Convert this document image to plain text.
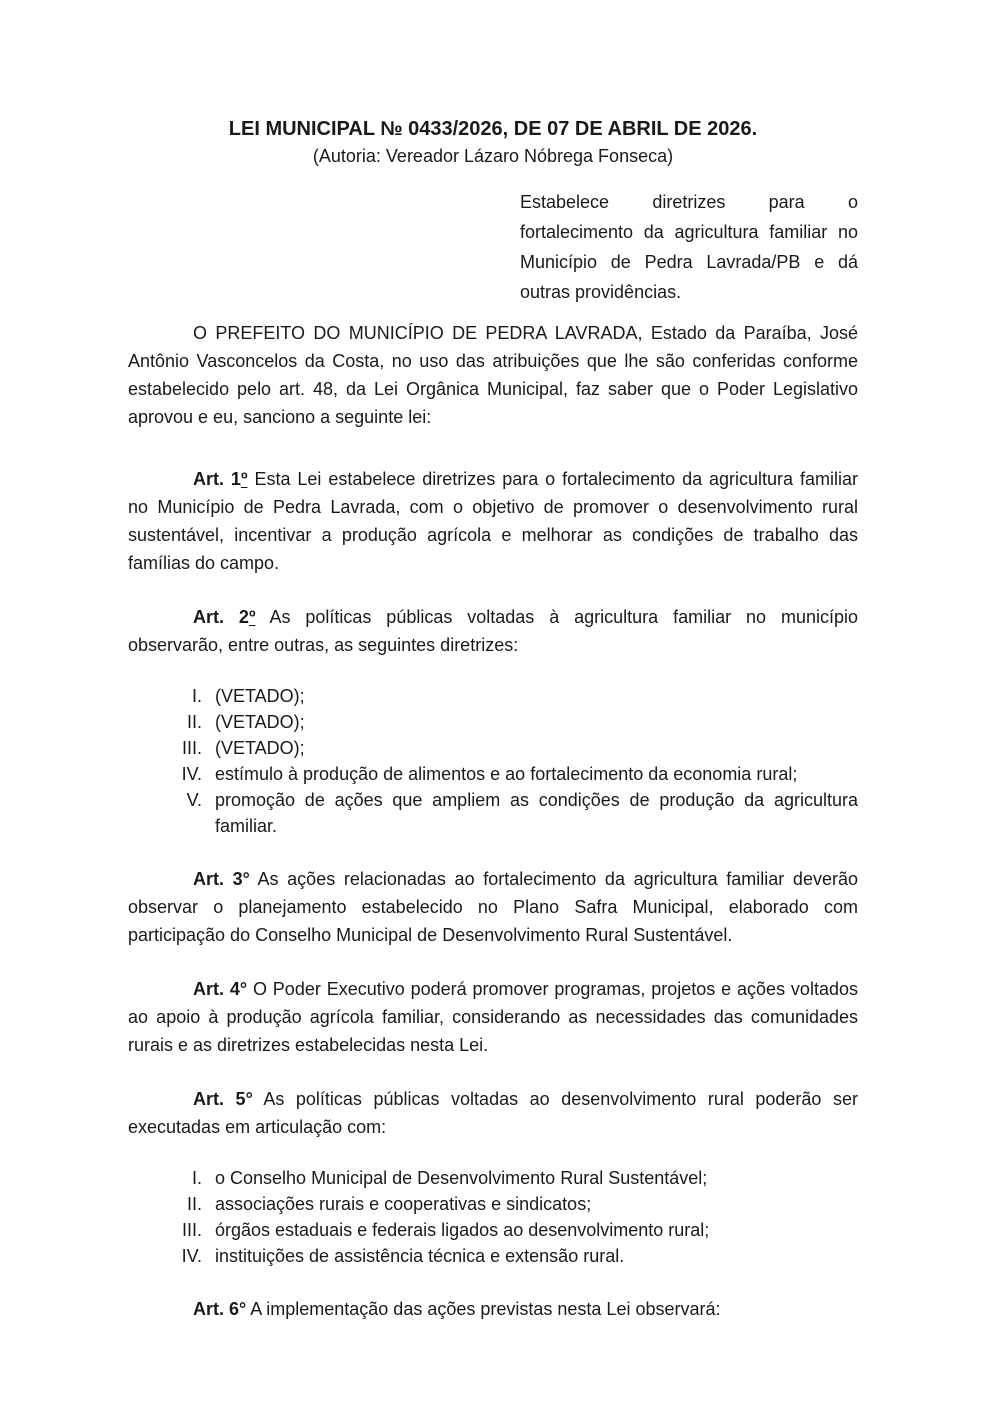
LEI MUNICIPAL № 0433/2026, DE 07 DE ABRIL DE 2026.
(Autoria: Vereador Lázaro Nóbrega Fonseca)

Estabelece diretrizes para o fortalecimento da agricultura familiar no Município de Pedra Lavrada/PB e dá outras providências.

O PREFEITO DO MUNICÍPIO DE PEDRA LAVRADA, Estado da Paraíba, José Antônio Vasconcelos da Costa, no uso das atribuições que lhe são conferidas conforme estabelecido pelo art. 48, da Lei Orgânica Municipal, faz saber que o Poder Legislativo aprovou e eu, sanciono a seguinte lei:

Art. 1º Esta Lei estabelece diretrizes para o fortalecimento da agricultura familiar no Município de Pedra Lavrada, com o objetivo de promover o desenvolvimento rural sustentável, incentivar a produção agrícola e melhorar as condições de trabalho das famílias do campo.

Art. 2º As políticas públicas voltadas à agricultura familiar no município observarão, entre outras, as seguintes diretrizes:

I. (VETADO);
II. (VETADO);
III. (VETADO);
IV. estímulo à produção de alimentos e ao fortalecimento da economia rural;
V. promoção de ações que ampliem as condições de produção da agricultura familiar.

Art. 3° As ações relacionadas ao fortalecimento da agricultura familiar deverão observar o planejamento estabelecido no Plano Safra Municipal, elaborado com participação do Conselho Municipal de Desenvolvimento Rural Sustentável.

Art. 4° O Poder Executivo poderá promover programas, projetos e ações voltados ao apoio à produção agrícola familiar, considerando as necessidades das comunidades rurais e as diretrizes estabelecidas nesta Lei.

Art. 5° As políticas públicas voltadas ao desenvolvimento rural poderão ser executadas em articulação com:

I. o Conselho Municipal de Desenvolvimento Rural Sustentável;
II. associações rurais e cooperativas e sindicatos;
III. órgãos estaduais e federais ligados ao desenvolvimento rural;
IV. instituições de assistência técnica e extensão rural.

Art. 6° A implementação das ações previstas nesta Lei observará:
